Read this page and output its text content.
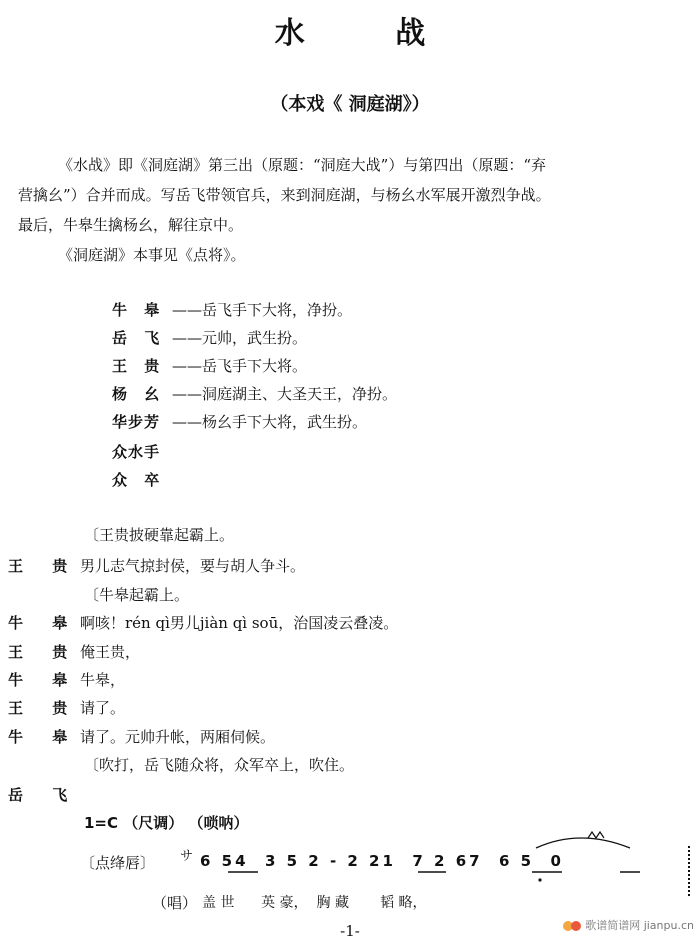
水 战
（本戏《 洞庭湖》）
《水战》即《洞庭湖》第三出（原题：“洞庭大战”）与第四出（原题：“弃
营擒幺”）合并而成。写岳飞带领官兵，来到洞庭湖，与杨幺水军展开激烈争战。
最后，牛皋生擒杨幺，解往京中。
《洞庭湖》本事见《点将》。
牛 皋 ——岳飞手下大将，净扮。
岳 飞 ——元帅，武生扮。
王 贵 ——岳飞手下大将。
杨 幺 ——洞庭湖主、大圣天王，净扮。
华步芳 ——杨幺手下大将，武生扮。
众水手
众 卒
〔王贵披硬靠起霸上。
王 贵 男儿志气掠封侯，要与胡人争斗。
〔牛皋起霸上。
牛 皋 啊咳！rén qì男儿jiàn qì soū，治国凌云叠凌。
王 贵 俺王贵，
牛 皋 牛皋，
王 贵 请了。
牛 皋 请了。元帅升帐，两厢伺候。
〔吹打，岳飞随众将，众军卒上，吹住。
岳 飞
1=C （尺调） （唢呐）
〔点绛唇〕 サ 6 54  3 5 2 - 2 21  7 2 67  6 5  0
（唱） 盖 世      英 豪，  胸 藏       韬 略，
-1-	歌谱简谱网 jianpu.cn
